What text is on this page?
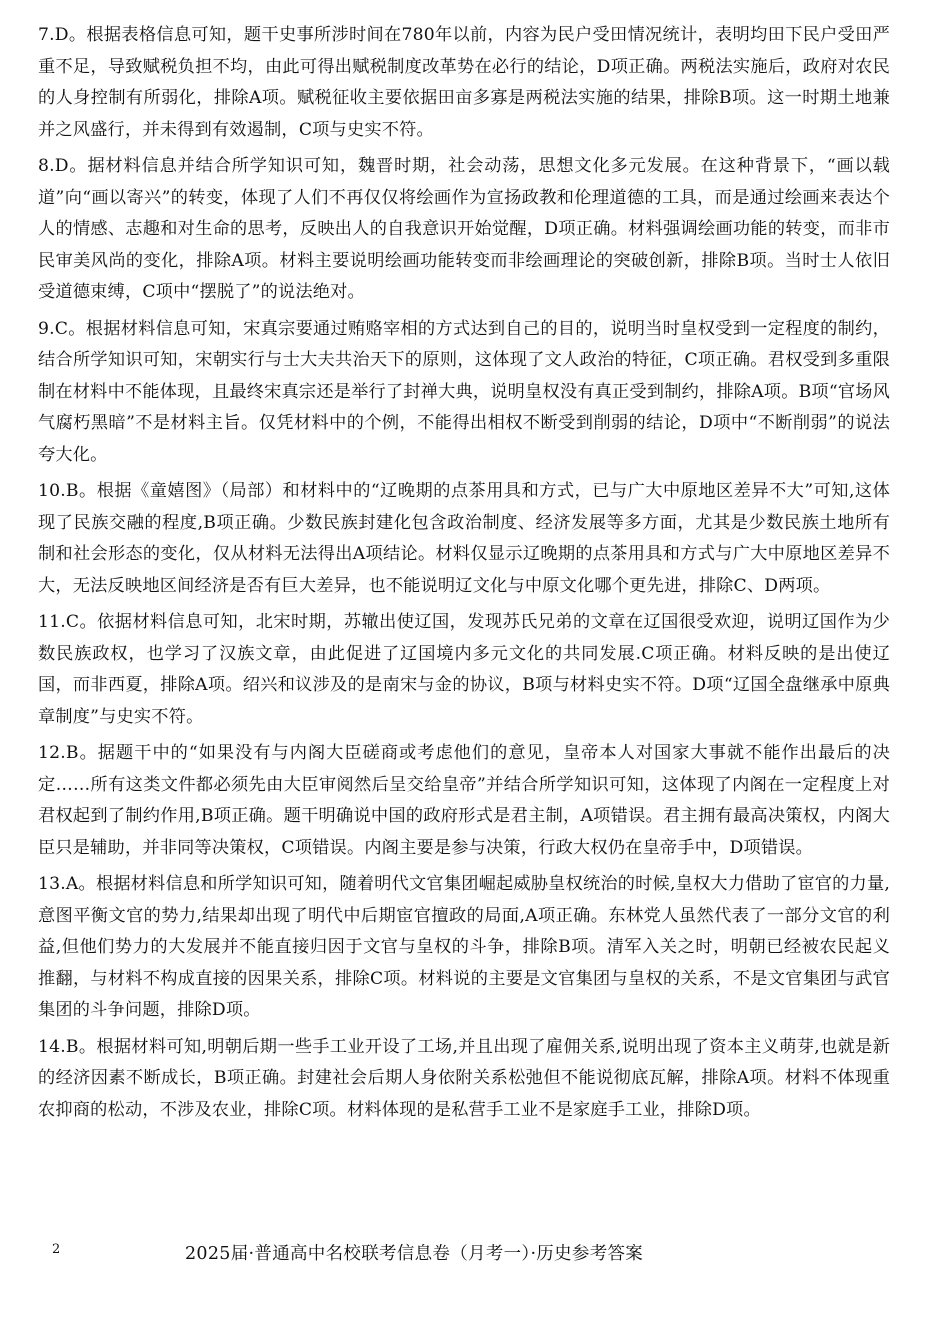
7.D。根据表格信息可知，题干史事所涉时间在780年以前，内容为民户受田情况统计，表明均田下民户受田严重不足，导致赋税负担不均，由此可得出赋税制度改革势在必行的结论，D项正确。两税法实施后，政府对农民的人身控制有所弱化，排除A项。赋税征收主要依据田亩多寡是两税法实施的结果，排除B项。这一时期土地兼并之风盛行，并未得到有效遏制，C项与史实不符。

8.D。据材料信息并结合所学知识可知，魏晋时期，社会动荡，思想文化多元发展。在这种背景下，“画以载道”向“画以寄兴”的转变，体现了人们不再仅仅将绘画作为宣扬政教和伦理道德的工具，而是通过绘画来表达个人的情感、志趣和对生命的思考，反映出人的自我意识开始觉醒，D项正确。材料强调绘画功能的转变，而非市民审美风尚的变化，排除A项。材料主要说明绘画功能转变而非绘画理论的突破创新，排除B项。当时士人依旧受道德束缚，C项中“摆脱了”的说法绝对。

9.C。根据材料信息可知，宋真宗要通过贿赂宰相的方式达到自己的目的，说明当时皇权受到一定程度的制约，结合所学知识可知，宋朝实行与士大夫共治天下的原则，这体现了文人政治的特征，C项正确。君权受到多重限制在材料中不能体现，且最终宋真宗还是举行了封禅大典，说明皇权没有真正受到制约，排除A项。B项“官场风气腐朽黑暗”不是材料主旨。仅凭材料中的个例，不能得出相权不断受到削弱的结论，D项中“不断削弱”的说法夸大化。

10.B。根据《童嬉图》（局部）和材料中的“辽晚期的点茶用具和方式，已与广大中原地区差异不大”可知,这体现了民族交融的程度,B项正确。少数民族封建化包含政治制度、经济发展等多方面，尤其是少数民族土地所有制和社会形态的变化，仅从材料无法得出A项结论。材料仅显示辽晚期的点茶用具和方式与广大中原地区差异不大，无法反映地区间经济是否有巨大差异，也不能说明辽文化与中原文化哪个更先进，排除C、D两项。

11.C。依据材料信息可知，北宋时期，苏辙出使辽国，发现苏氏兄弟的文章在辽国很受欢迎，说明辽国作为少数民族政权，也学习了汉族文章，由此促进了辽国境内多元文化的共同发展.C项正确。材料反映的是出使辽国，而非西夏，排除A项。绍兴和议涉及的是南宋与金的协议，B项与材料史实不符。D项“辽国全盘继承中原典章制度”与史实不符。

12.B。据题干中的“如果没有与内阁大臣磋商或考虑他们的意见，皇帝本人对国家大事就不能作出最后的决定……所有这类文件都必须先由大臣审阅然后呈交给皇帝”并结合所学知识可知，这体现了内阁在一定程度上对君权起到了制约作用,B项正确。题干明确说中国的政府形式是君主制，A项错误。君主拥有最高决策权，内阁大臣只是辅助，并非同等决策权，C项错误。内阁主要是参与决策，行政大权仍在皇帝手中，D项错误。

13.A。根据材料信息和所学知识可知，随着明代文官集团崛起威胁皇权统治的时候,皇权大力借助了宦官的力量,意图平衡文官的势力,结果却出现了明代中后期宦官擅政的局面,A项正确。东林党人虽然代表了一部分文官的利益,但他们势力的大发展并不能直接归因于文官与皇权的斗争，排除B项。清军入关之时，明朝已经被农民起义推翻，与材料不构成直接的因果关系，排除C项。材料说的主要是文官集团与皇权的关系，不是文官集团与武官集团的斗争问题，排除D项。

14.B。根据材料可知,明朝后期一些手工业开设了工场,并且出现了雇佣关系,说明出现了资本主义萌芽,也就是新的经济因素不断成长，B项正确。封建社会后期人身依附关系松弛但不能说彻底瓦解，排除A项。材料不体现重农抑商的松动，不涉及农业，排除C项。材料体现的是私营手工业不是家庭手工业，排除D项。

2	2025届·普通高中名校联考信息卷（月考一）·历史参考答案
